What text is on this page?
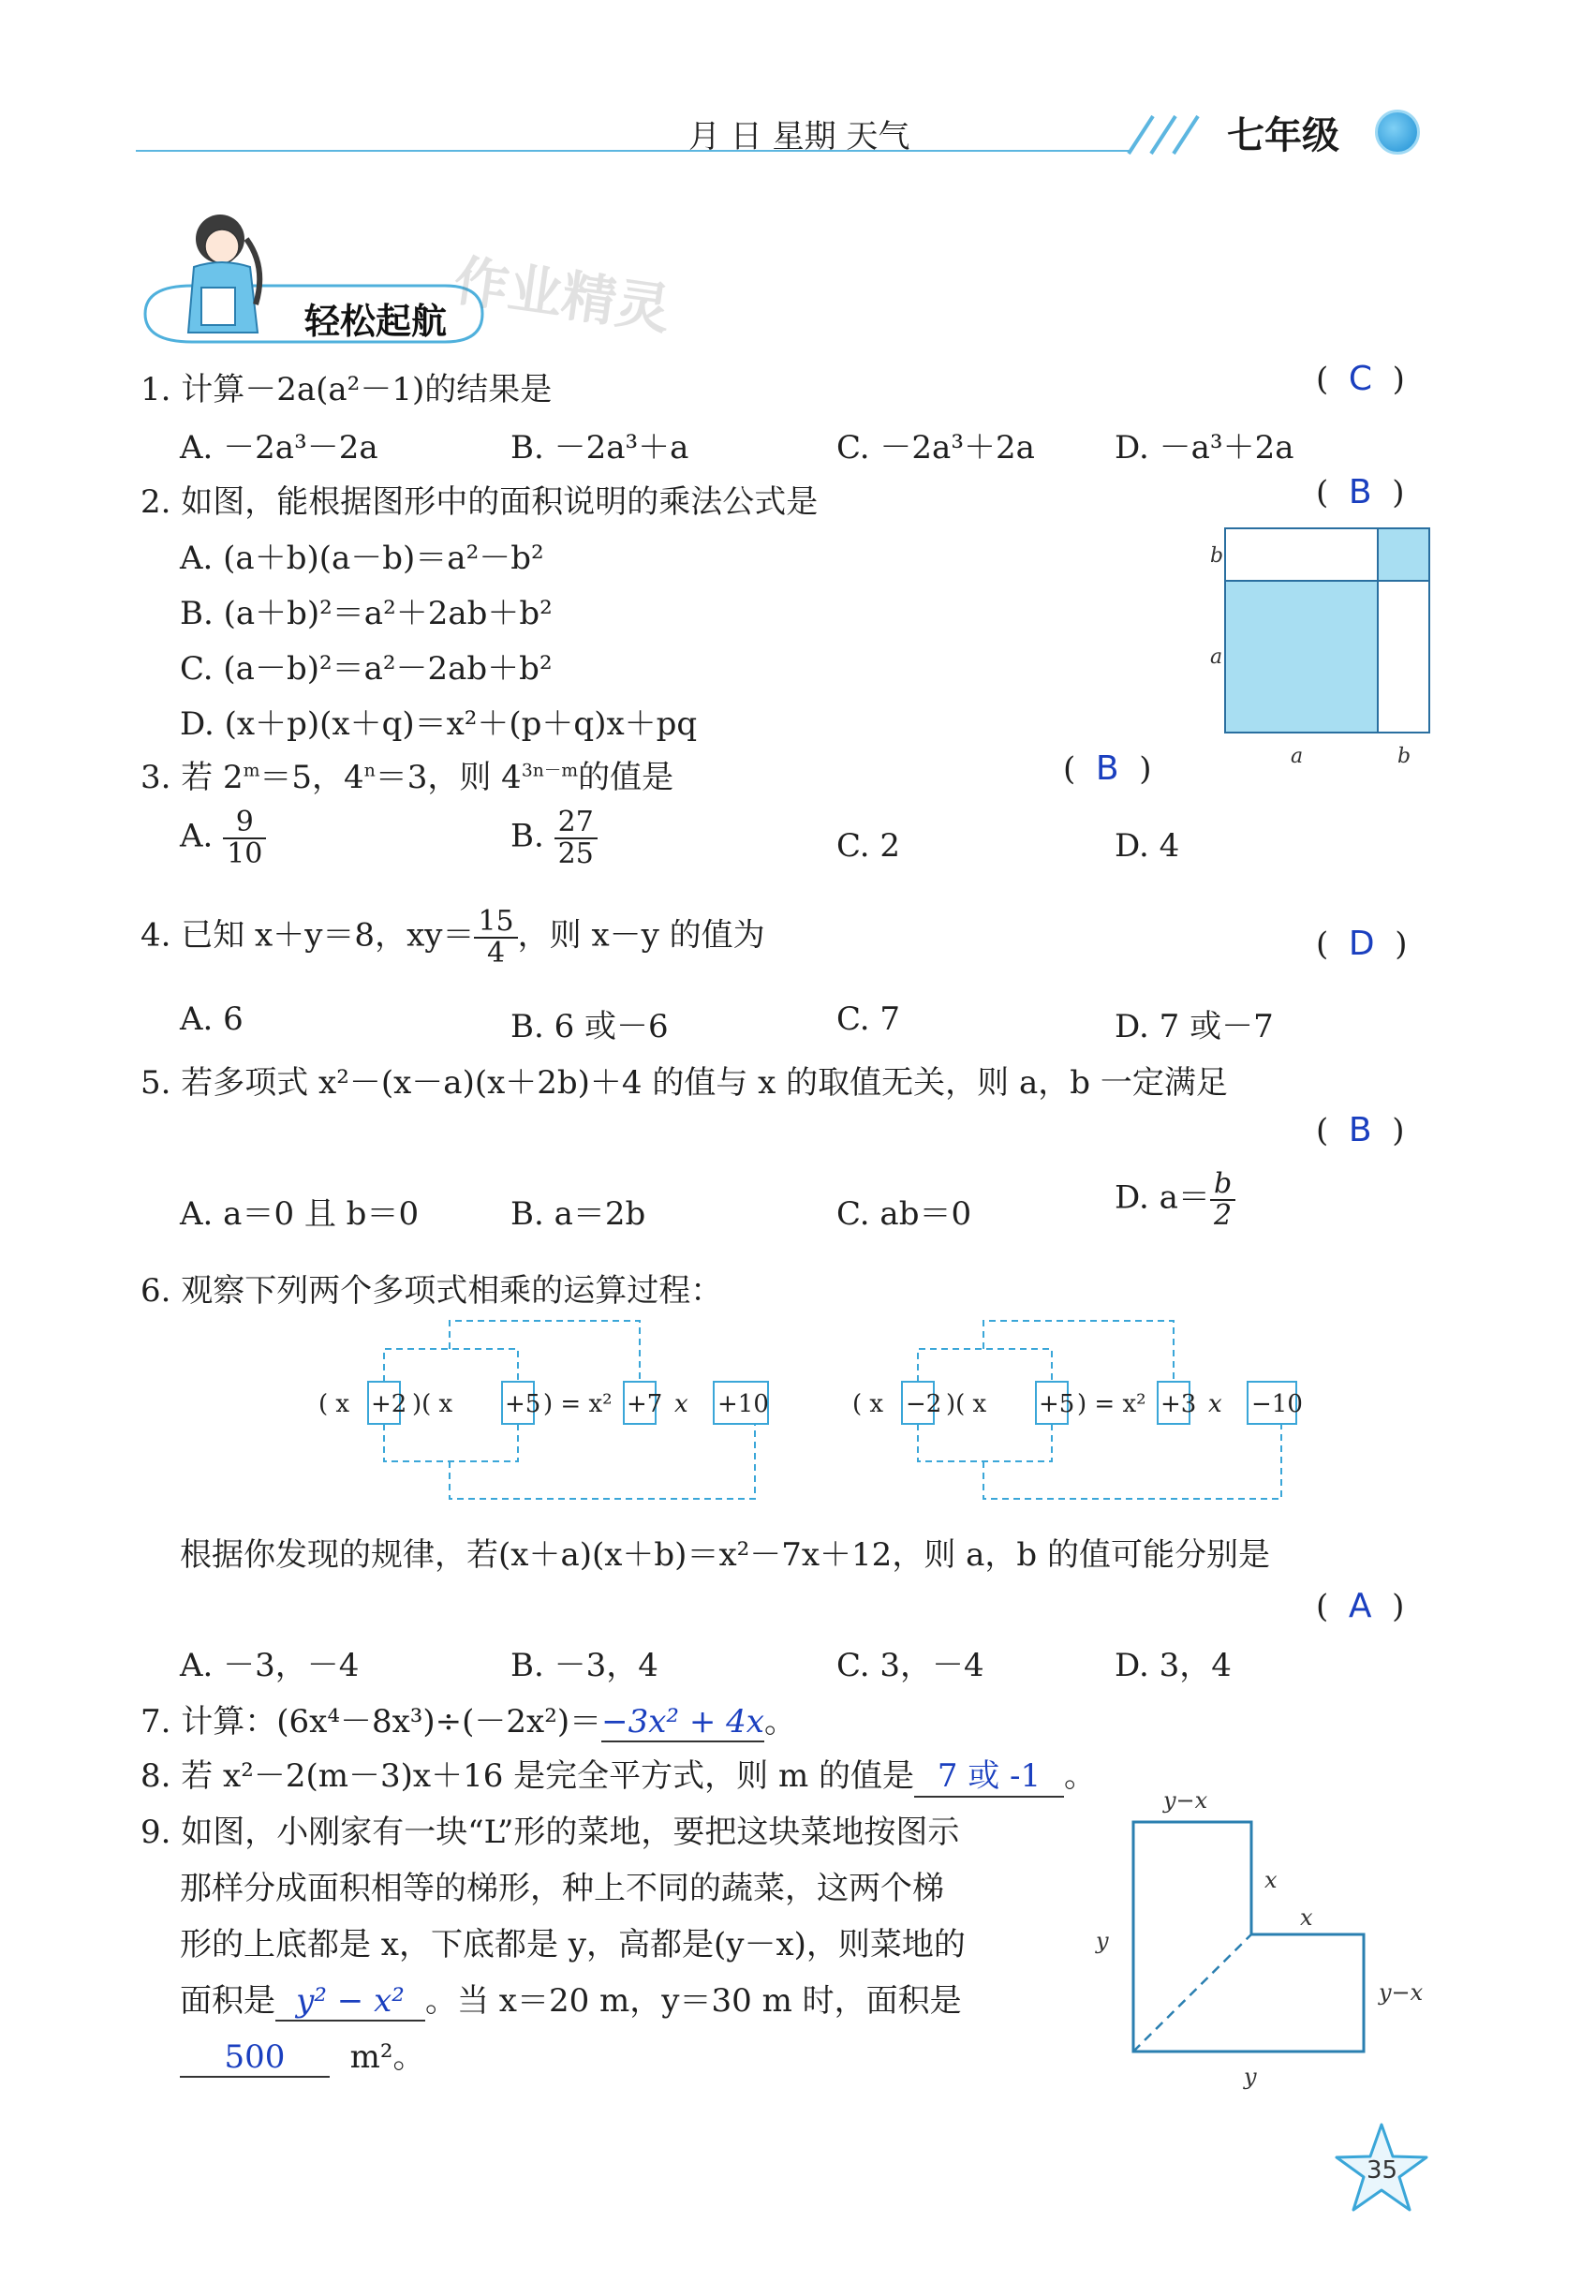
月 日 星期 天气	七年级
轻松起航 作业精灵
1. 计算－2a(a²－1)的结果是	(  C  )
A. －2a³－2a	B. －2a³＋a	C. －2a³＋2a	D. －a³＋2a
2. 如图，能根据图形中的面积说明的乘法公式是	(  B  )
A. (a＋b)(a－b)＝a²－b²
B. (a＋b)²＝a²＋2ab＋b²
C. (a－b)²＝a²－2ab＋b²
D. (x＋p)(x＋q)＝x²＋(p＋q)x＋pq
b
a
a	b
3. 若 $2^m=5$，$4^n=3$，则 $4^{3n-m}$的值是	(  B  )
A. $\frac{9}{10}$	B. $\frac{27}{25}$	C. 2	D. 4
4. 已知 x＋y＝8，$xy= \frac{15}{4}$ ，则 x－y 的值为	(  D  )
A. 6	B. 6 或－6	C. 7	D. 7 或－7
5. 若多项式 x²－(x－a)(x＋2b)＋4 的值与 x 的取值无关，则 a，b 一定满足
(  B  )
A. a＝0 且 b＝0	B. a＝2b	C. ab＝0	D. $a= \frac{b}{2}$
6. 观察下列两个多项式相乘的运算过程：
( x +2 )( x +5 ) = x² +7 x +10	( x −2 )( x +5 ) = x² +3 x −10
根据你发现的规律，若(x＋a)(x＋b)＝x²－7x＋12，则 a，b 的值可能分别是
(  A  )
A. －3，－4	B. －3，4	C. 3，－4	D. 3，4
7. 计算：(6x⁴－8x³)÷(－2x²)＝−3x² + 4x。
8. 若 x²－2(m－3)x＋16 是完全平方式，则 m 的值是 7 或 -1 。
9. 如图，小刚家有一块“L”形的菜地，要把这块菜地按图示
那样分成面积相等的梯形，种上不同的蔬菜，这两个梯
形的上底都是 x，下底都是 y，高都是(y－x)，则菜地的
面积是 y² − x² 。当 x＝20 m，y＝30 m 时，面积是
500 m²。
y−x
x
x
y
y−x
y
35
